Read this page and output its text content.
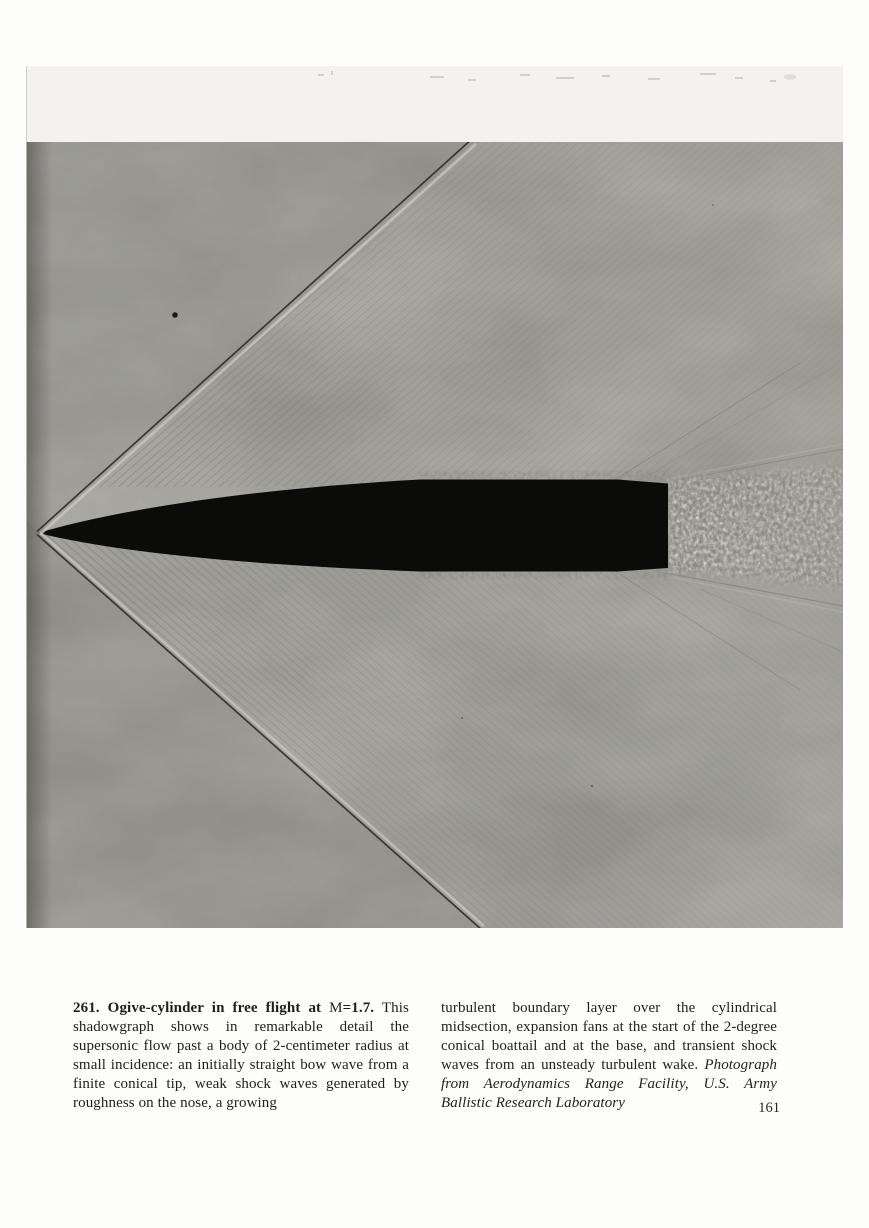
261. Ogive-cylinder in free flight at M=1.7. This shadowgraph shows in remarkable detail the supersonic flow past a body of 2-centimeter radius at small incidence: an initially straight bow wave from a finite conical tip, weak shock waves generated by roughness on the nose, a growing
turbulent boundary layer over the cylindrical midsection, expansion fans at the start of the 2-degree conical boattail and at the base, and transient shock waves from an unsteady turbulent wake. Photograph from Aerodynamics Range Facility, U.S. Army Ballistic Research Laboratory	161
